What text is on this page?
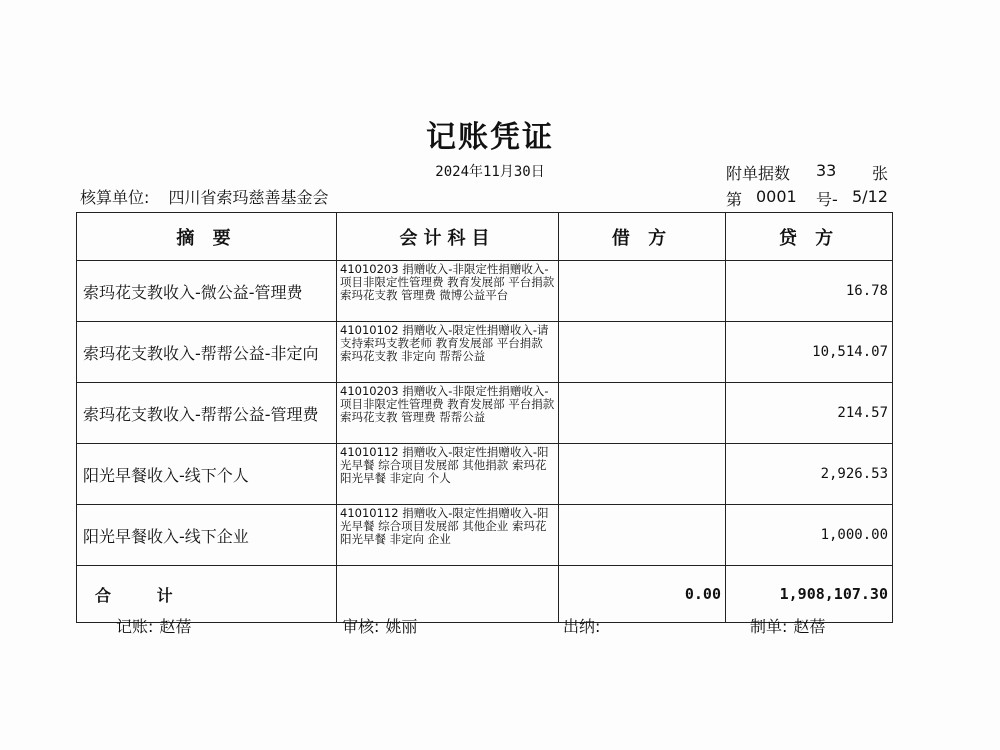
记账凭证
2024年11月30日	附单据数 33 张
核算单位: 四川省索玛慈善基金会	第 0001 号- 5/12
摘 要	会计科目	借 方	贷 方
索玛花支教收入-微公益-管理费	41010203 捐赠收入-非限定性捐赠收入-项目非限定性管理费 教育发展部 平台捐款 索玛花支教 管理费 微博公益平台		16.78
索玛花支教收入-帮帮公益-非定向	41010102 捐赠收入-限定性捐赠收入-请支持索玛支教老师 教育发展部 平台捐款 索玛花支教 非定向 帮帮公益		10,514.07
索玛花支教收入-帮帮公益-管理费	41010203 捐赠收入-非限定性捐赠收入-项目非限定性管理费 教育发展部 平台捐款 索玛花支教 管理费 帮帮公益		214.57
阳光早餐收入-线下个人	41010112 捐赠收入-限定性捐赠收入-阳光早餐 综合项目发展部 其他捐款 索玛花阳光早餐 非定向 个人		2,926.53
阳光早餐收入-线下企业	41010112 捐赠收入-限定性捐赠收入-阳光早餐 综合项目发展部 其他企业 索玛花阳光早餐 非定向 企业		1,000.00
合 计		0.00	1,908,107.30
记账: 赵蓓	审核: 姚丽	出纳:	制单: 赵蓓
